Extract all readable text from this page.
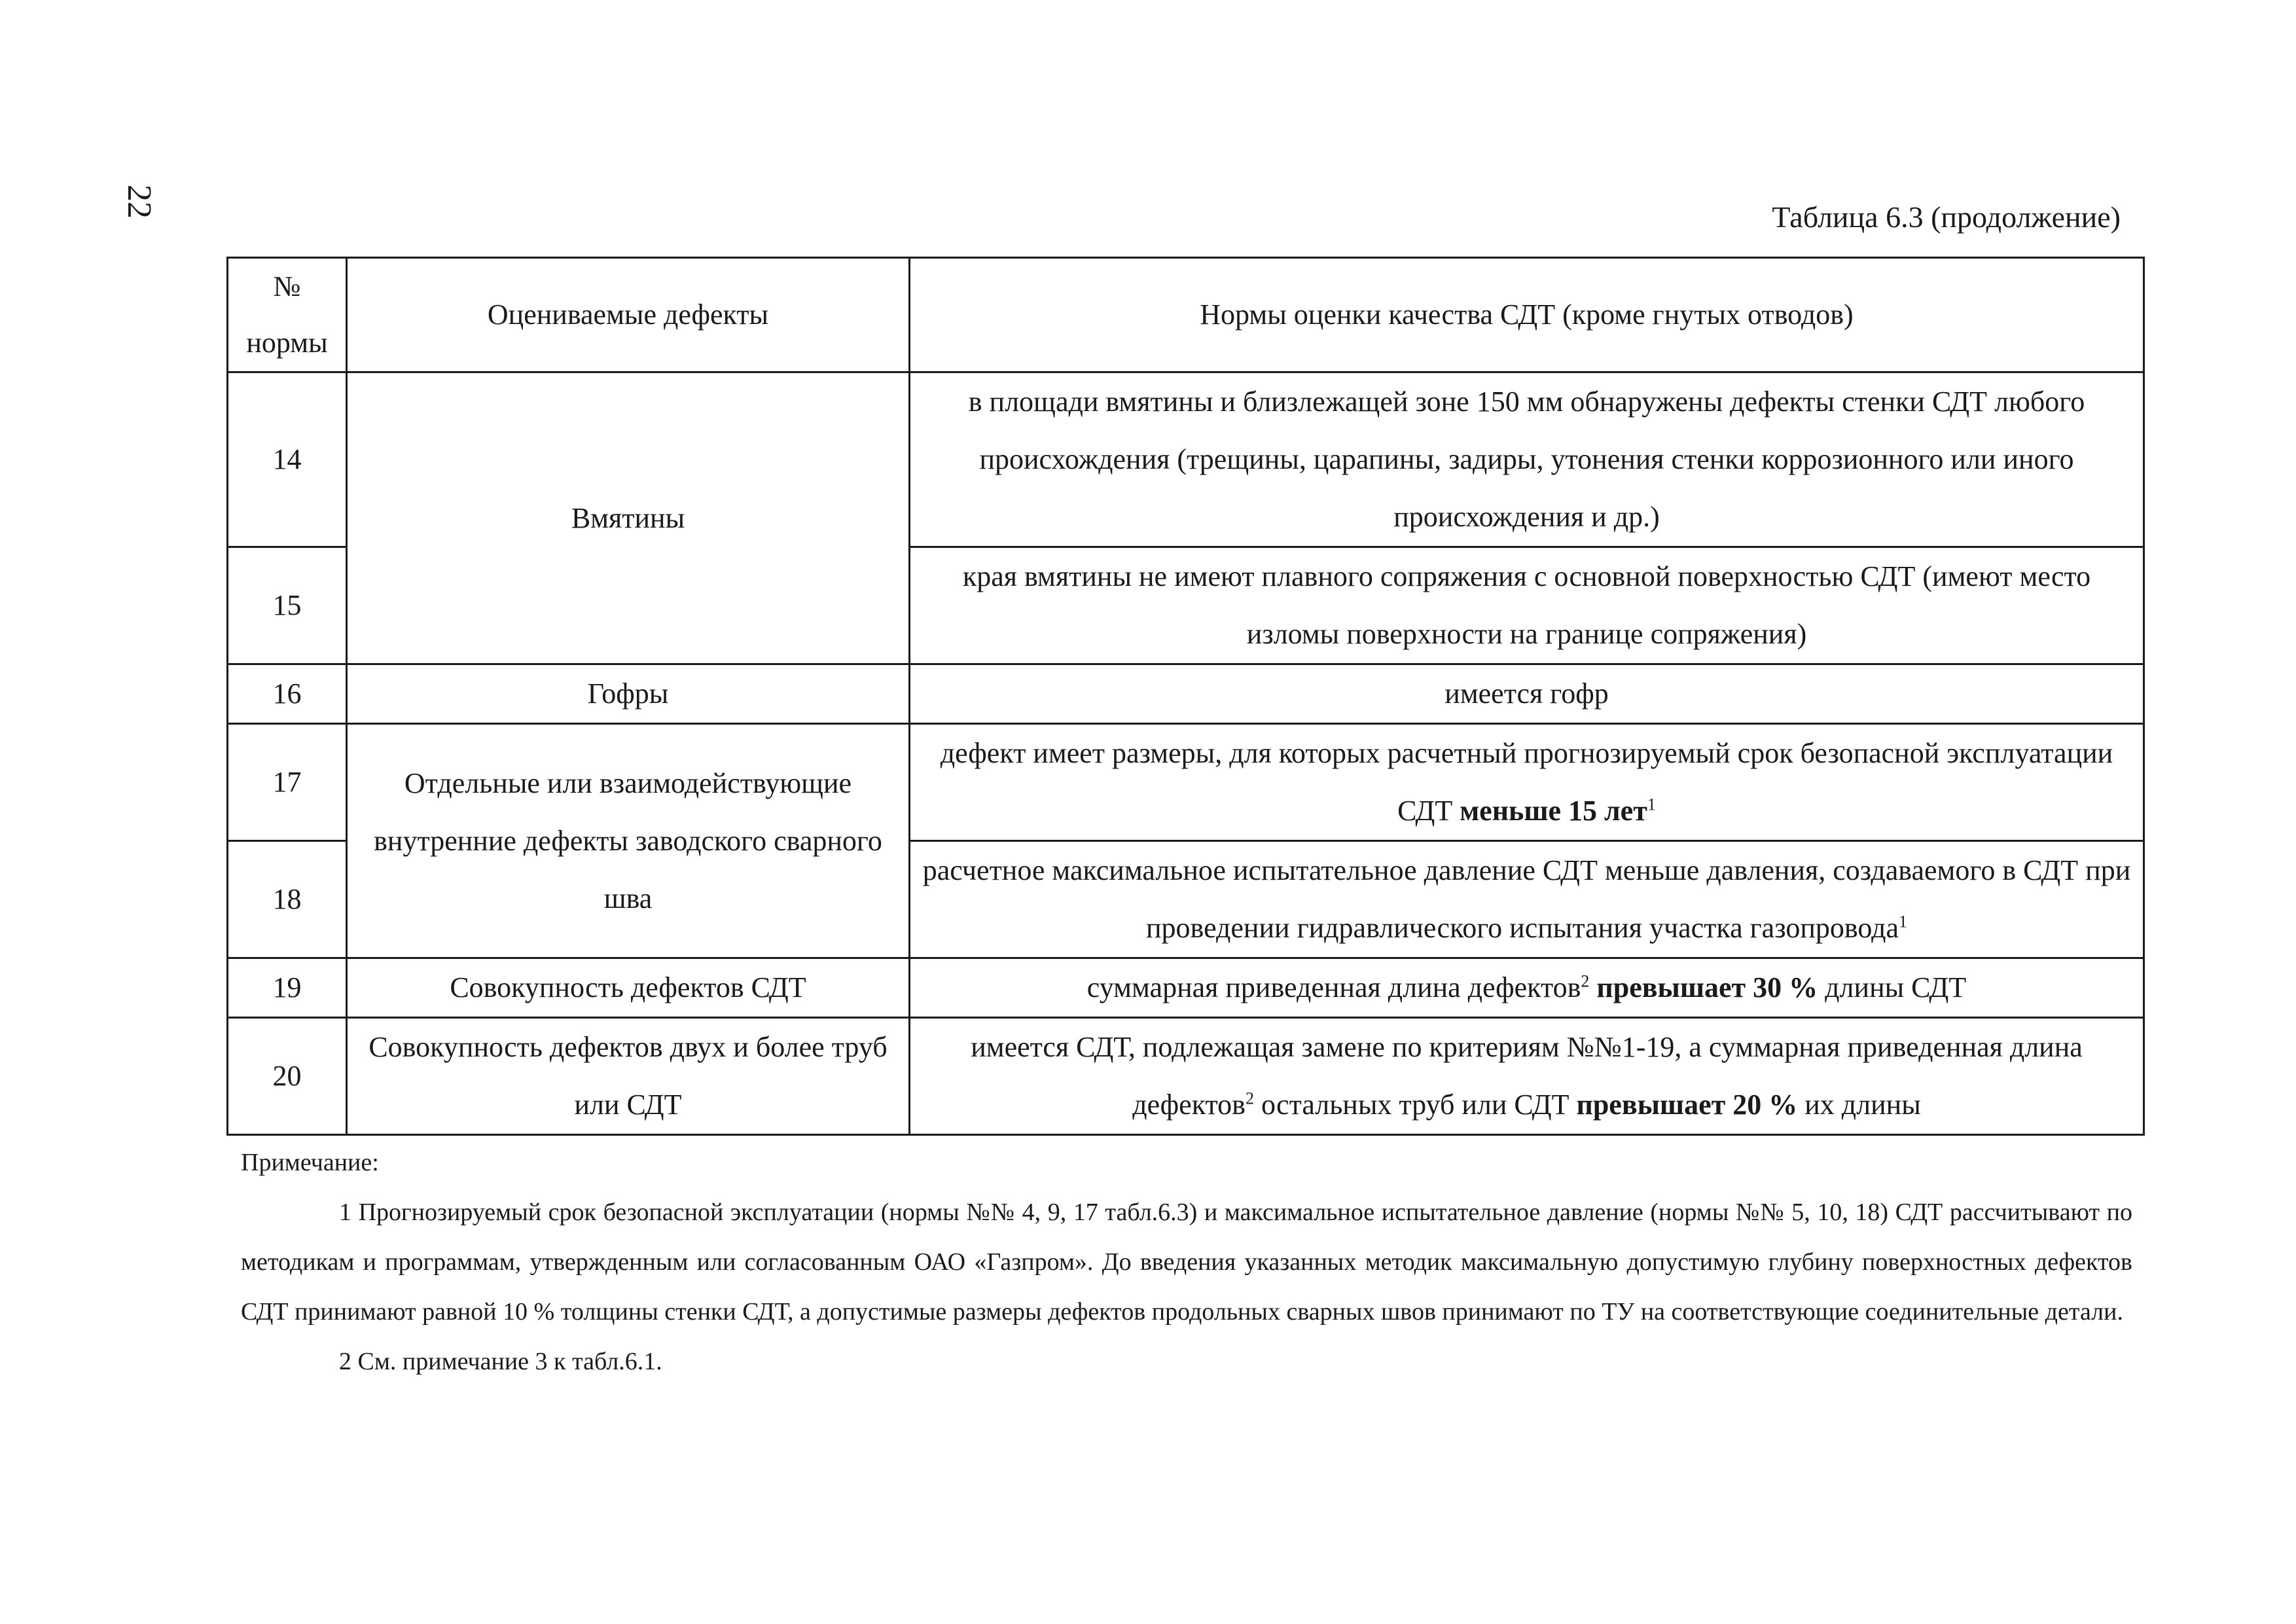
22	Таблица 6.3 (продолжение)
№
нормы	Оцениваемые дефекты	Нормы оценки качества СДТ (кроме гнутых отводов)
14	Вмятины	в площади вмятины и близлежащей зоне 150 мм обнаружены дефекты стенки СДТ любого происхождения (трещины, царапины, задиры, утонения стенки коррозионного или иного происхождения и др.)
15		края вмятины не имеют плавного сопряжения с основной поверхностью СДТ (имеют место изломы поверхности на границе сопряжения)
16	Гофры	имеется гофр
17	Отдельные или взаимодействующие внутренние дефекты заводского сварного шва	дефект имеет размеры, для которых расчетный прогнозируемый срок безопасной эксплуатации СДТ меньше 15 лет$^1$
18		расчетное максимальное испытательное давление СДТ меньше давления, создаваемого в СДТ при проведении гидравлического испытания участка газопровода$^1$
19	Совокупность дефектов СДТ	суммарная приведенная длина дефектов$^2$ превышает 30 % длины СДТ
20	Совокупность дефектов двух и более труб или СДТ	имеется СДТ, подлежащая замене по критериям №№1-19, а суммарная приведенная длина дефектов$^2$ остальных труб или СДТ превышает 20 % их длины

Примечание:

1 Прогнозируемый срок безопасной эксплуатации (нормы №№ 4, 9, 17 табл.6.3) и максимальное испытательное давление (нормы №№ 5, 10, 18) СДТ рассчитывают по методикам и программам, утвержденным или согласованным ОАО «Газпром». До введения указанных методик максимальную допустимую глубину поверхностных дефектов СДТ принимают равной 10 % толщины стенки СДТ, а допустимые размеры дефектов продольных сварных швов принимают по ТУ на соответствующие соединительные детали.

2 См. примечание 3 к табл.6.1.
